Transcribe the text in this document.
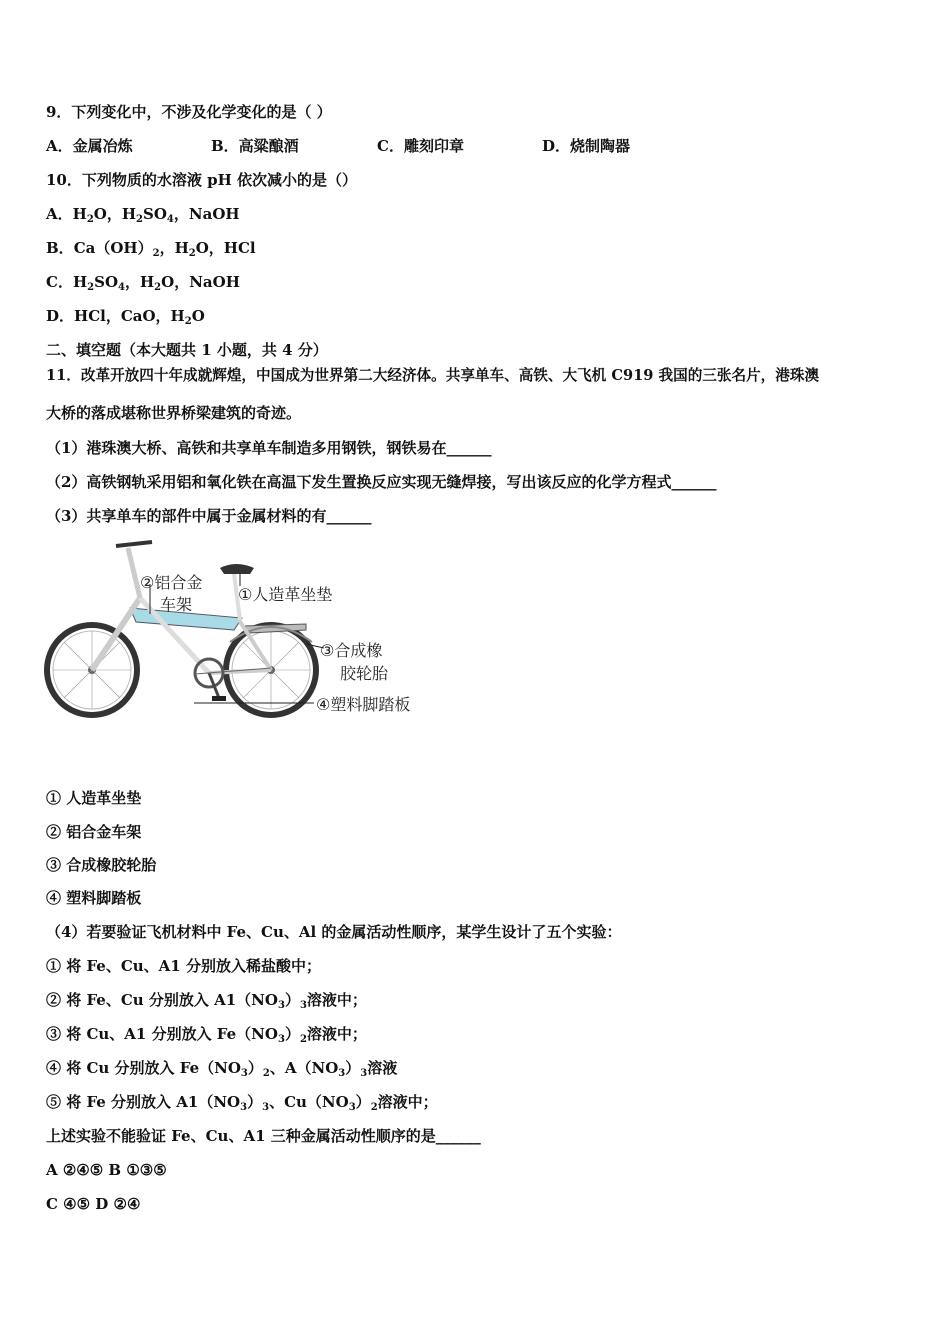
9．下列变化中，不涉及化学变化的是（ ）
A．金属冶炼	B．高粱酿酒	C．雕刻印章	D．烧制陶器
10．下列物质的水溶液 pH 依次减小的是（）
A．$H_2O$，$H_2SO_4$，NaOH
B．$Ca(OH)_2$，$H_2O$，HCl
C．$H_2SO_4$，$H_2O$，NaOH
D．HCl，CaO，$H_2O$
二、填空题（本大题共 1 小题，共 4 分）
11．改革开放四十年成就辉煌，中国成为世界第二大经济体。共享单车、高铁、大飞机 C919 我国的三张名片，港珠澳
大桥的落成堪称世界桥梁建筑的奇迹。
（1）港珠澳大桥、高铁和共享单车制造多用钢铁，钢铁易在______
（2）高铁钢轨采用铝和氧化铁在高温下发生置换反应实现无缝焊接，写出该反应的化学方程式______
（3）共享单车的部件中属于金属材料的有______
②铝合金
车架
①人造革坐垫
③合成橡
胶轮胎
④塑料脚踏板
① 人造革坐垫
② 铝合金车架
③ 合成橡胶轮胎
④ 塑料脚踏板
（4）若要验证飞机材料中 Fe、Cu、Al 的金属活动性顺序，某学生设计了五个实验：
① 将 Fe、Cu、A1 分别放入稀盐酸中；
② 将 Fe、Cu 分别放入 $A1(NO_3)_3$溶液中；
③ 将 Cu、A1 分别放入 $Fe(NO_3)_2$溶液中；
④ 将 Cu 分别放入 $Fe(NO_3)_2$、$A(NO_3)_3$溶液
⑤ 将 Fe 分别放入 $A1(NO_3)_3$、$Cu(NO_3)_2$溶液中；
上述实验不能验证 Fe、Cu、A1 三种金属活动性顺序的是______
A ②④⑤ B ①③⑤
C ④⑤ D ②④
